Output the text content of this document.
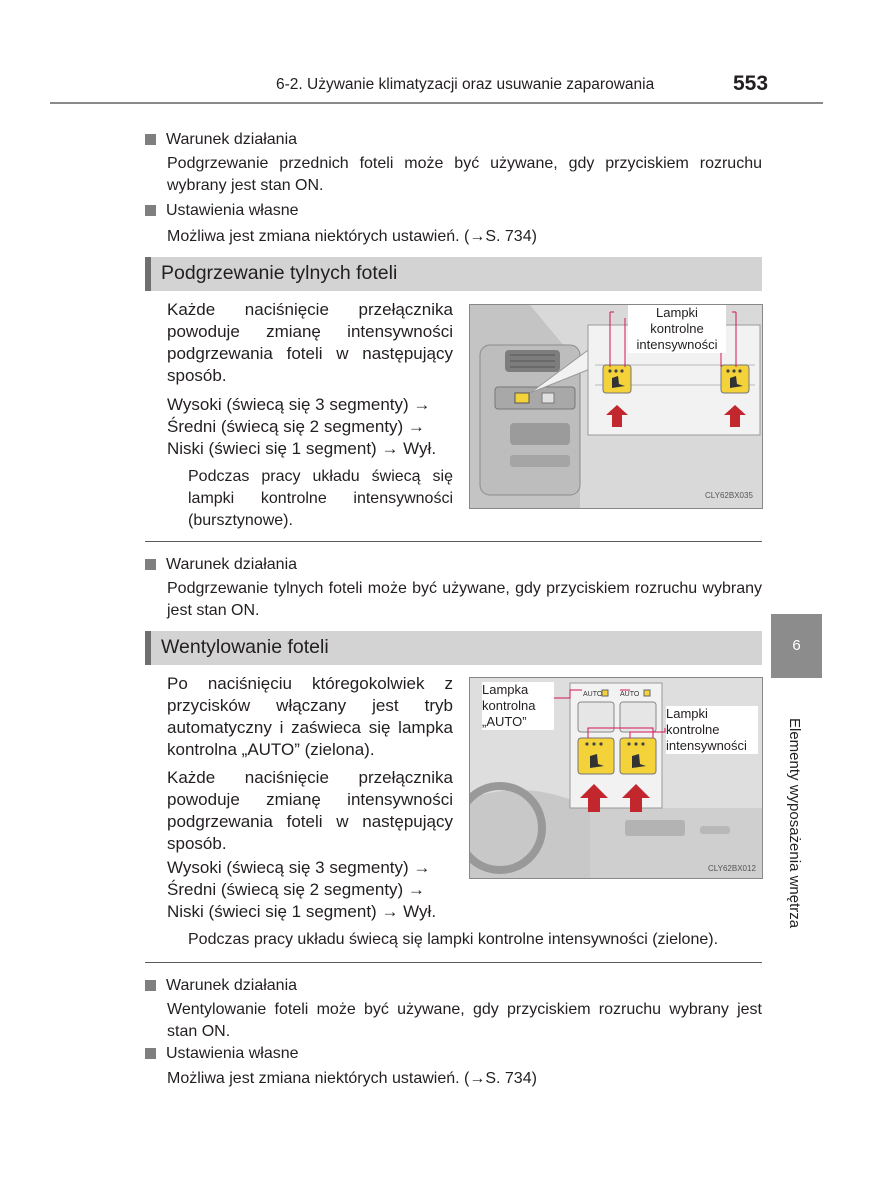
6-2. Używanie klimatyzacji oraz usuwanie zaparowania	553
Warunek działania
Podgrzewanie przednich foteli może być używane, gdy przyciskiem rozruchu wybrany jest stan ON.
Ustawienia własne
Możliwa jest zmiana niektórych ustawień. (→S. 734)
Podgrzewanie tylnych foteli
Każde naciśnięcie przełącznika powoduje zmianę intensywności podgrzewania foteli w następujący sposób.
Wysoki (świecą się 3 segmenty) →
Średni (świecą się 2 segmenty) →
Niski (świeci się 1 segment) → Wył.
Podczas pracy układu świecą się lampki kontrolne intensywności (bursztynowe).
CLY62BX035
Lampki
kontrolne
intensywności
Warunek działania
Podgrzewanie tylnych foteli może być używane, gdy przyciskiem rozruchu wybrany jest stan ON.
Wentylowanie foteli
Po naciśnięciu któregokolwiek z przycisków włączany jest tryb automatyczny i zaświeca się lampka kontrolna „AUTO” (zielona).
Każde naciśnięcie przełącznika powoduje zmianę intensywności podgrzewania foteli w następujący sposób.
Wysoki (świecą się 3 segmenty) →
Średni (świecą się 2 segmenty) →
Niski (świeci się 1 segment) → Wył.
Podczas pracy układu świecą się lampki kontrolne intensywności (zielone).
AUTO	AUTO
CLY62BX012
Lampka
kontrolna
„AUTO”
Lampki
kontrolne
intensywności
Warunek działania
Wentylowanie foteli może być używane, gdy przyciskiem rozruchu wybrany jest stan ON.
Ustawienia własne
Możliwa jest zmiana niektórych ustawień. (→S. 734)
6
Elementy wyposażenia wnętrza
